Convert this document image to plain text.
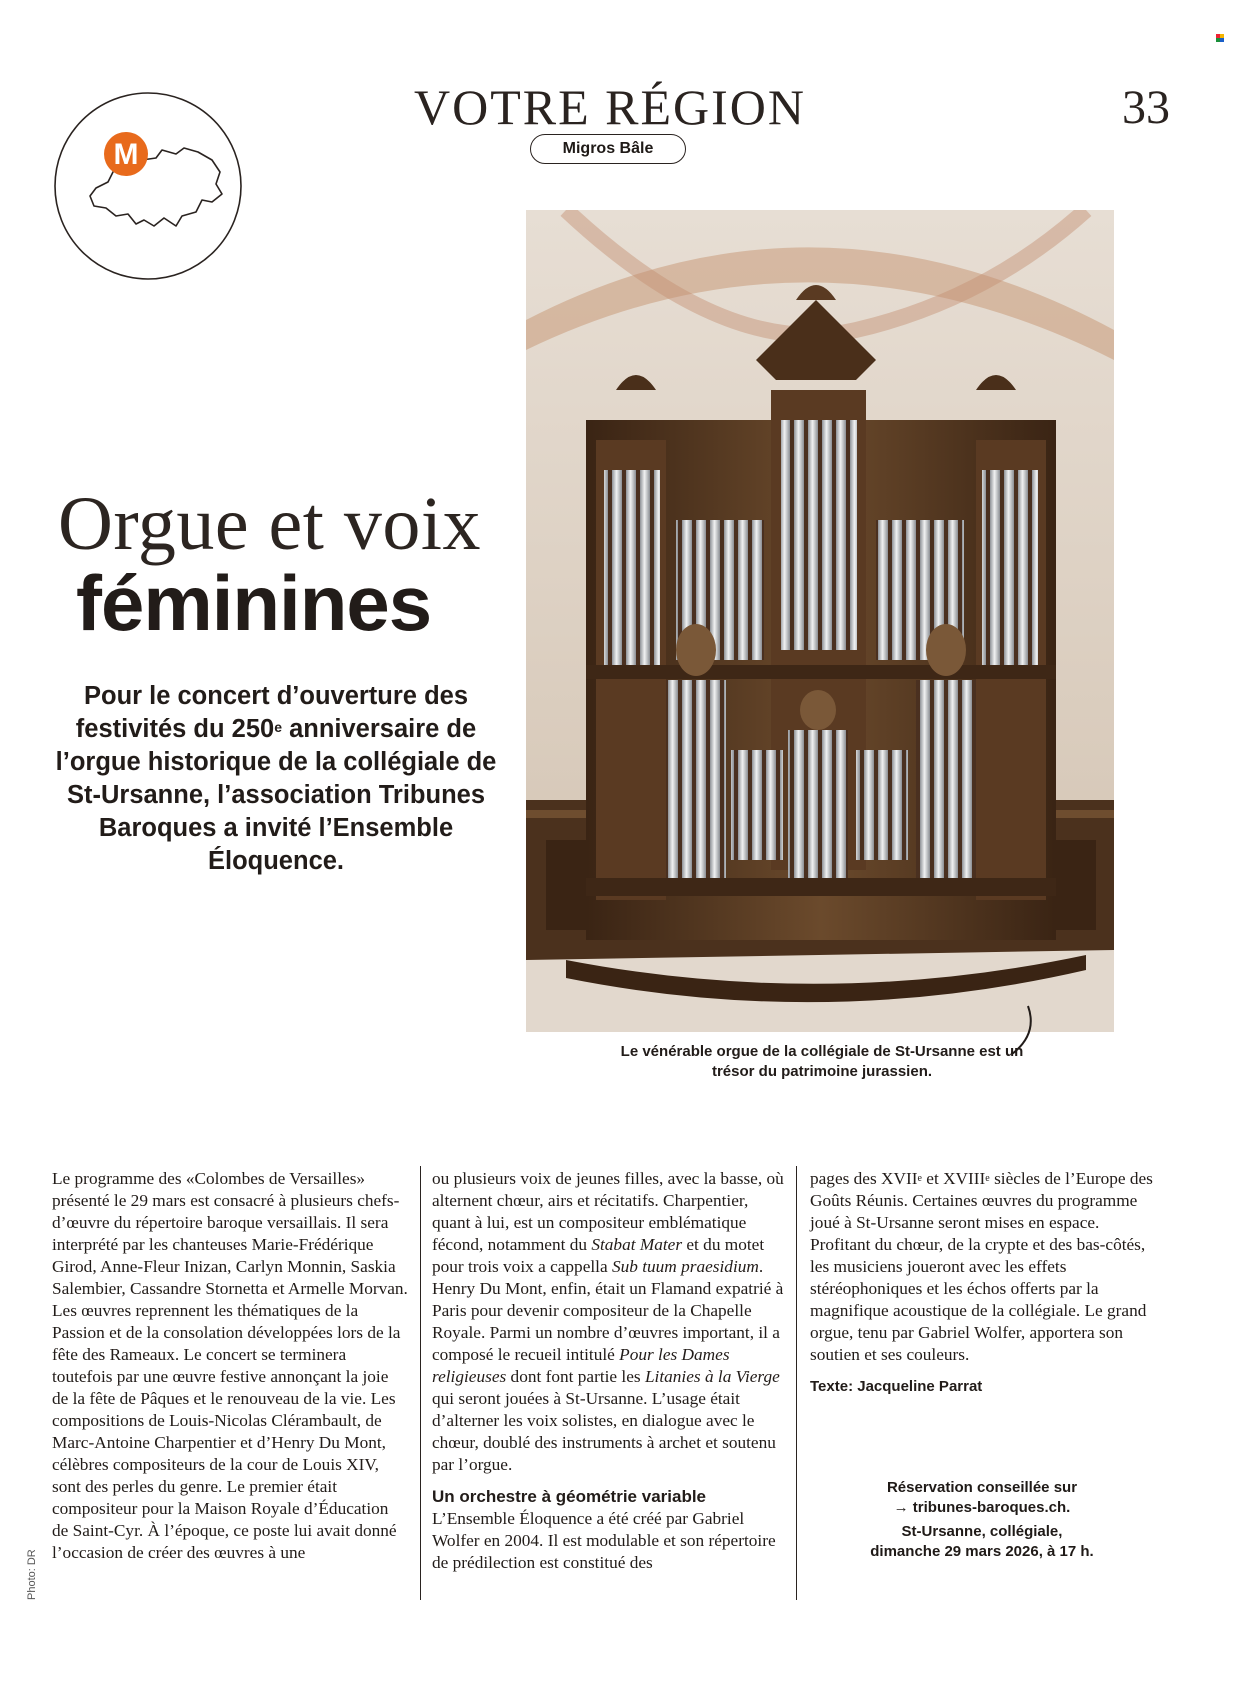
VOTRE RÉGION
Migros Bâle
33
M
Orgue et voix
féminines
Pour le concert d’ouverture des festivités du 250e anniversaire de l’orgue historique de la collégiale de St-Ursanne, l’association Tribunes Baroques a invité l’Ensemble Éloquence.
Le vénérable orgue de la collégiale de St-Ursanne est un trésor du patrimoine jurassien.

Le programme des «Colombes de Versailles» présenté le 29 mars est consacré à plusieurs chefs-d’œuvre du répertoire baroque versaillais. Il sera interprété par les chanteuses Marie-Frédérique Girod, Anne-Fleur Inizan, Carlyn Monnin, Saskia Salembier, Cassandre Stornetta et Armelle Morvan. Les œuvres reprennent les thématiques de la Passion et de la consolation développées lors de la fête des Rameaux. Le concert se terminera toutefois par une œuvre festive annonçant la joie de la fête de Pâques et le renouveau de la vie. Les compositions de Louis-Nicolas Clérambault, de Marc-Antoine Charpentier et d’Henry Du Mont, célèbres compositeurs de la cour de Louis XIV, sont des perles du genre. Le premier était compositeur pour la Maison Royale d’Éducation de Saint-Cyr. À l’époque, ce poste lui avait donné l’occasion de créer des œuvres à une

ou plusieurs voix de jeunes filles, avec la basse, où alternent chœur, airs et récitatifs. Charpentier, quant à lui, est un compositeur emblématique fécond, notamment du Stabat Mater et du motet pour trois voix a cappella Sub tuum praesidium. Henry Du Mont, enfin, était un Flamand expatrié à Paris pour devenir compositeur de la Chapelle Royale. Parmi un nombre d’œuvres important, il a composé le recueil intitulé Pour les Dames religieuses dont font partie les Litanies à la Vierge qui seront jouées à St-Ursanne. L’usage était d’alterner les voix solistes, en dialogue avec le chœur, doublé des instruments à archet et soutenu par l’orgue.

Un orchestre à géométrie variable

L’Ensemble Éloquence a été créé par Gabriel Wolfer en 2004. Il est modulable et son répertoire de prédilection est constitué des

pages des XVIIe et XVIIIe siècles de l’Europe des Goûts Réunis. Certaines œuvres du programme joué à St-Ursanne seront mises en espace. Profitant du chœur, de la crypte et des bas-côtés, les musiciens joueront avec les effets stéréophoniques et les échos offerts par la magnifique acoustique de la collégiale. Le grand orgue, tenu par Gabriel Wolfer, apportera son soutien et ses couleurs.

Texte: Jacqueline Parrat

Réservation conseillée sur
→ tribunes-baroques.ch.
St-Ursanne, collégiale,
dimanche 29 mars 2026, à 17 h.
Photo: DR
